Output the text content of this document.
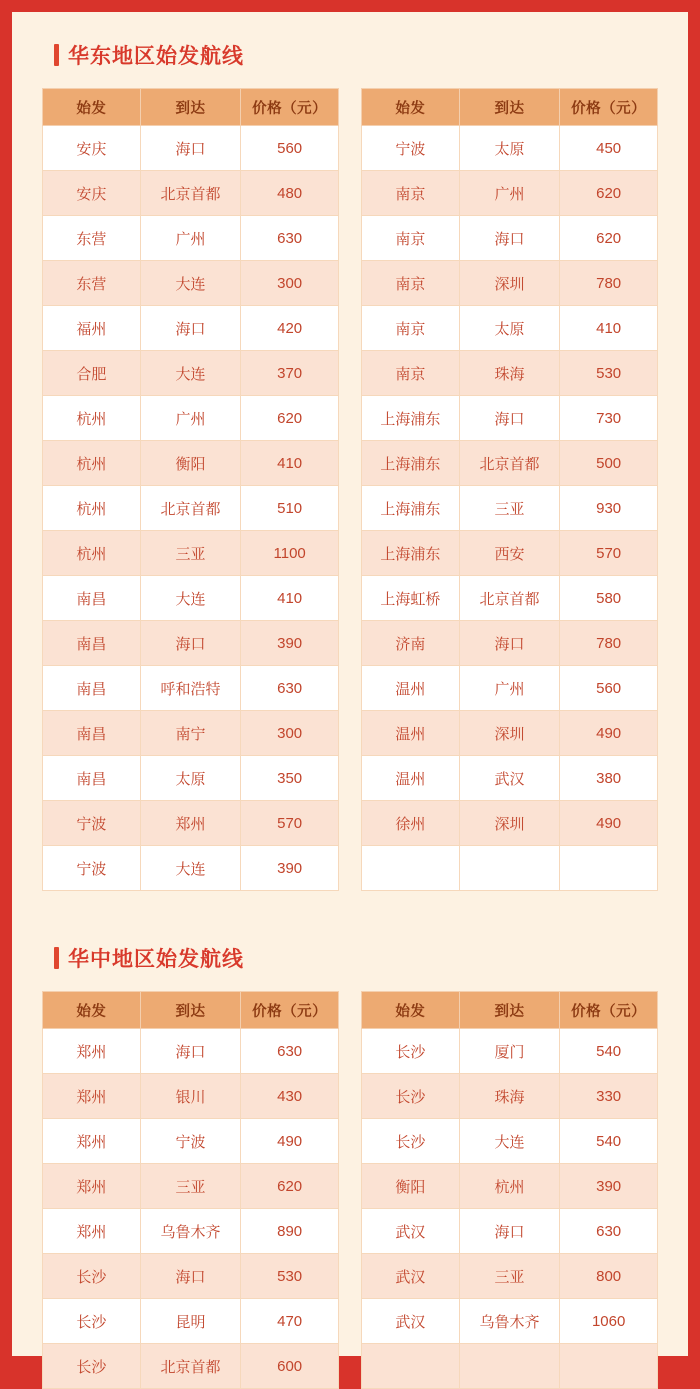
华东地区始发航线
始发	到达	价格（元）
安庆	海口	560
安庆	北京首都	480
东营	广州	630
东营	大连	300
福州	海口	420
合肥	大连	370
杭州	广州	620
杭州	衡阳	410
杭州	北京首都	510
杭州	三亚	1100
南昌	大连	410
南昌	海口	390
南昌	呼和浩特	630
南昌	南宁	300
南昌	太原	350
宁波	郑州	570
宁波	大连	390
始发	到达	价格（元）
宁波	太原	450
南京	广州	620
南京	海口	620
南京	深圳	780
南京	太原	410
南京	珠海	530
上海浦东	海口	730
上海浦东	北京首都	500
上海浦东	三亚	930
上海浦东	西安	570
上海虹桥	北京首都	580
济南	海口	780
温州	广州	560
温州	深圳	490
温州	武汉	380
徐州	深圳	490

华中地区始发航线
始发	到达	价格（元）
郑州	海口	630
郑州	银川	430
郑州	宁波	490
郑州	三亚	620
郑州	乌鲁木齐	890
长沙	海口	530
长沙	昆明	470
长沙	北京首都	600
始发	到达	价格（元）
长沙	厦门	540
长沙	珠海	330
长沙	大连	540
衡阳	杭州	390
武汉	海口	630
武汉	三亚	800
武汉	乌鲁木齐	1060
